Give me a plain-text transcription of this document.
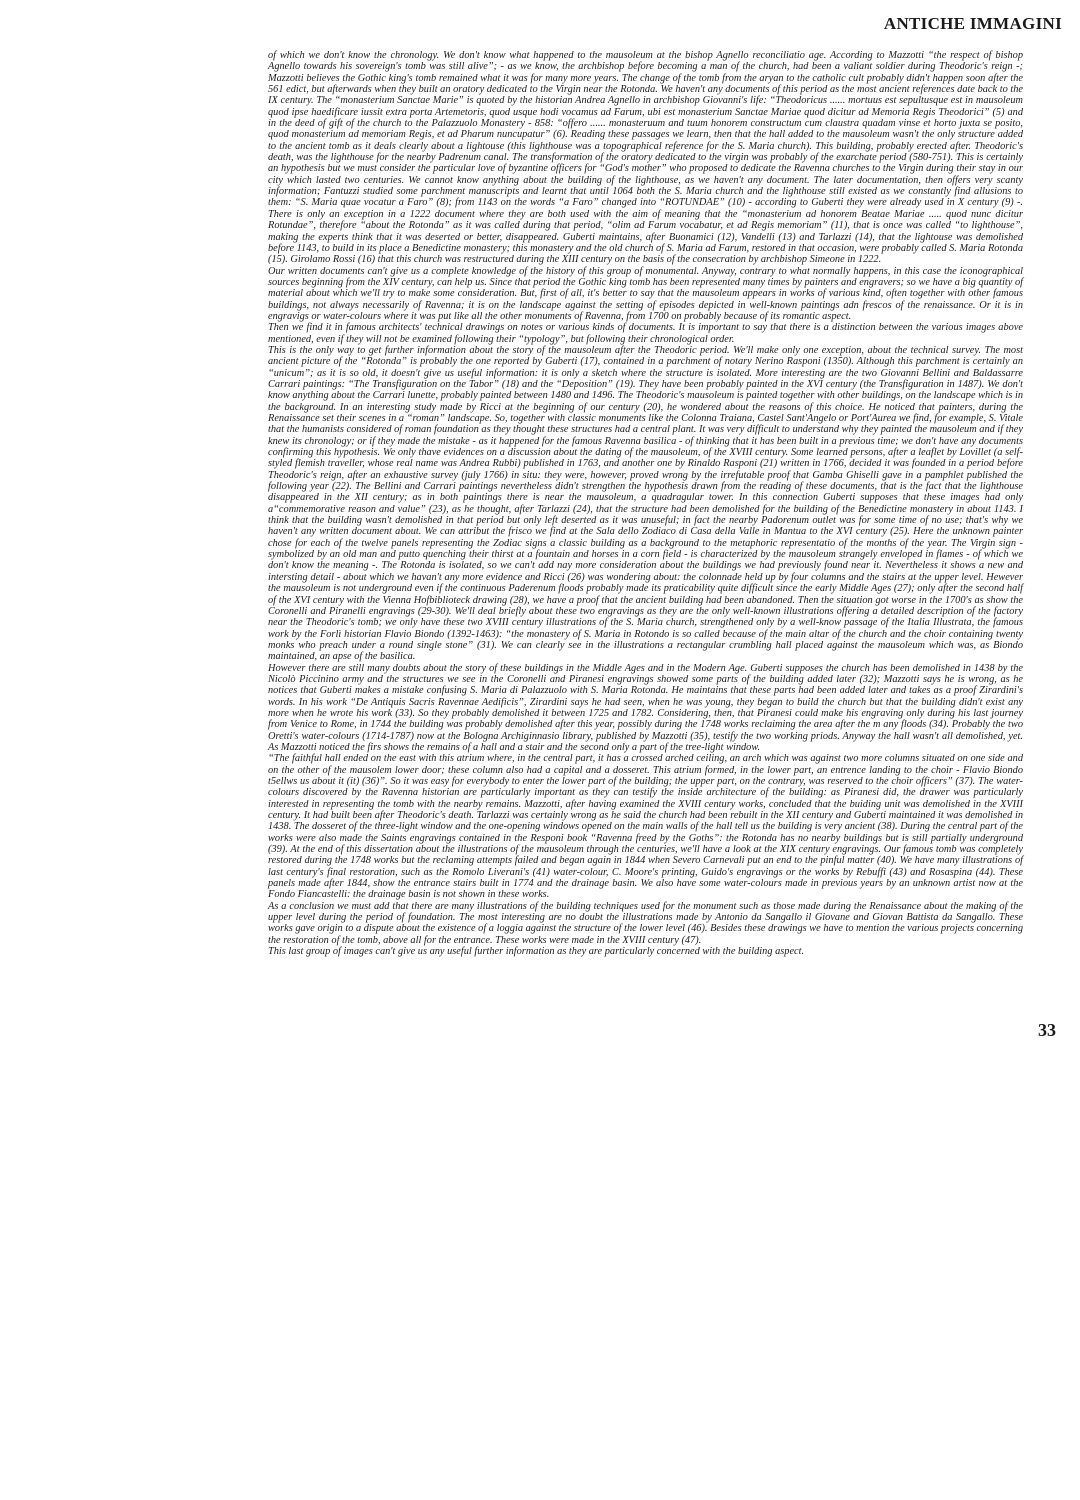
ANTICHE IMMAGINI

of which we don't know the chronology. We don't know what happened to the mausoleum at the bishop Agnello reconciliatio age. According to Mazzotti “the respect of bishop Agnello towards his sovereign's tomb was still alive”; - as we know, the archbishop before becoming a man of the church, had been a valiant soldier during Theodoric's reign -; Mazzotti believes the Gothic king's tomb remained what it was for many more years. The change of the tomb from the aryan to the catholic cult probably didn't happen soon after the 561 edict, but afterwards when they built an oratory dedicated to the Virgin near the Rotonda. We haven't any documents of this period as the most ancient references date back to the IX century. The “monasterium Sanctae Marie” is quoted by the historian Andrea Agnello in archbishop Giovanni's life: “Theodoricus ...... mortuus est sepultusque est in mausoleum quod ipse haedificare iussit extra porta Artemetoris, quod usque hodi vocamus ad Farum, ubi est monasterium Sanctae Mariae quod dicitur ad Memoria Regis Theodorici” (5) and in the deed of gift of the church to the Palazzuolo Monastery - 858: “offero ...... monasteruum and tuum honorem constructum cum claustra quadam vinse et horto juxta se posito, quod monasterium ad memoriam Regis, et ad Pharum nuncupatur” (6). Reading these passages we learn, then that the hall added to the mausoleum wasn't the only structure added to the ancient tomb as it deals clearly about a lightouse (this lighthouse was a topographical reference for the S. Maria church). This building, probably erected after. Theodoric's death, was the lighthouse for the nearby Padrenum canal. The transformation of the oratory dedicated to the virgin was probably of the exarchate period (580-751). This is certainly an hypothesis but we must consider the particular love of byzantine officers for “God's mother” who proposed to dedicate the Ravenna churches to the Virgin during their stay in our city which lasted two centuries. We cannot know anything about the building of the lighthouse, as we haven't any document. The later documentation, then offers very scanty information; Fantuzzi studied some parchment manuscripts and learnt that until 1064 both the S. Maria church and the lighthouse still existed as we constantly find allusions to them: “S. Maria quae vocatur a Faro” (8); from 1143 on the words “a Faro” changed into “ROTUNDAE” (10) - according to Guberti they were already used in X century (9) -. There is only an exception in a 1222 document where they are both used with the aim of meaning that the “monasterium ad honorem Beatae Mariae ..... quod nunc dicitur Rotundae”, therefore “about the Rotonda” as it was called during that period, “olim ad Farum vocabatur, et ad Regis memoriam” (11), that is once was called “to lighthouse”, making the experts think that it was deserted or better, disappeared. Guberti maintains, after Buonamici (12), Vandelli (13) and Tarlazzi (14), that the lightouse was demolished before 1143, to build in its place a Benedictine monastery; this monastery and the old church of S. Maria ad Farum, restored in that occasion, were probably called S. Maria Rotonda (15). Girolamo Rossi (16) that this church was restructured during the XIII century on the basis of the consecration by archbishop Simeone in 1222.

Our written documents can't give us a complete knowledge of the history of this group of monumental. Anyway, contrary to what normally happens, in this case the iconographical sources beginning from the XIV century, can help us. Since that period the Gothic king tomb has been represented many times by painters and engravers; so we have a big quantity of material about which we'll try to make some consideration. But, first of all, it's better to say that the mausoleum appears in works of various kind, often together with other famous buildings, not always necessarily of Ravenna; it is on the landscape against the setting of episodes depicted in well-known paintings adn frescos of the renaissance. Or it is in engravigs or water-colours where it was put like all the other monuments of Ravenna, from 1700 on probably because of its romantic aspect.

Then we find it in famous architects' technical drawings on notes or various kinds of documents. It is important to say that there is a distinction between the various images above mentioned, even if they will not be examined following their “typology”, but following their chronological order.

This is the only way to get further information about the story of the mausoleum after the Theodoric period. We'll make only one exception, about the technical survey. The most ancient picture of the “Rotonda” is probably the one reported by Guberti (17), contained in a parchment of notary Nerino Rasponi (1350). Although this parchment is certainly an “unicum”; as it is so old, it doesn't give us useful information: it is only a sketch where the structure is isolated. More interesting are the two Giovanni Bellini and Baldassarre Carrari paintings: “The Transfiguration on the Tabor” (18) and the “Deposition” (19). They have been probably painted in the XVI century (the Transfiguration in 1487). We don't know anything about the Carrari lunette, probably painted between 1480 and 1496. The Theodoric's mausoleum is painted together with other buildings, on the landscape which is in the background. In an interesting study made by Ricci at the beginning of our century (20), he wondered about the reasons of this choice. He noticed that painters, during the Renaissance set their scenes in a “roman” landscape. So, together with classic monuments like the Colonna Traiana, Castel Sant'Angelo or Port'Aurea we find, for example, S. Vitale that the humanists considered of roman foundation as they thought these structures had a central plant. It was very difficult to understand why they painted the mausoleum and if they knew its chronology; or if they made the mistake - as it happened for the famous Ravenna basilica - of thinking that it has been built in a previous time; we don't have any documents confirming this hypothesis. We only thave evidences on a discussion about the dating of the mausoleum, of the XVIII century. Some learned persons, after a leaflet by Lovillet (a self-styled flemish traveller, whose real name was Andrea Rubbi) published in 1763, and another one by Rinaldo Rasponi (21) written in 1766, decided it was founded in a period before Theodoric's reign, after an exhaustive survey (july 1766) in situ: they were, however, proved wrong by the irrefutable proof that Gamba Ghiselli gave in a pamphlet published the following year (22). The Bellini and Carrari paintings nevertheless didn't strengthen the hypothesis drawn from the reading of these documents, that is the fact that the lighthouse disappeared in the XII century; as in both paintings there is near the mausoleum, a quadragular tower. In this connection Guberti supposes that these images had only a“commemorative reason and value” (23), as he thought, after Tarlazzi (24), that the structure had been demolished for the building of the Benedictine monastery in about 1143. I think that the building wasn't demolished in that period but only left deserted as it was unuseful; in fact the nearby Padorenum outlet was for some time of no use; that's why we haven't any written document about. We can attribut the frisco we find at the Sala dello Zodiaco di Casa della Valle in Mantua to the XVI century (25). Here the unknown painter chose for each of the twelve panels representing the Zodiac signs a classic building as a background to the metaphoric representatio of the months of the year. The Virgin sign - symbolized by an old man and putto quenching their thirst at a fountain and horses in a corn field - is characterized by the mausoleum strangely enveloped in flames - of which we don't know the meaning -. The Rotonda is isolated, so we can't add nay more consideration about the buildings we had previously found near it. Nevertheless it shows a new and intersting detail - about which we havan't any more evidence and Ricci (26) was wondering about: the colonnade held up by four columns and the stairs at the upper level. Hewever the mausoleum is not underground even if the continuous Paderenum floods probably made its praticability quite difficult since the early Middle Ages (27); only after the second half of the XVI century with the Vienna Hofbiblioteck drawing (28), we have a proof that the ancient building had been abandoned. Then the situation got worse in the 1700's as show the Coronelli and Piranelli engravings (29-30). We'll deal briefly about these two engravings as they are the only well-known illustrations offering a detailed description of the factory near the Theodoric's tomb; we only have these two XVIII century illustrations of the S. Maria church, strengthened only by a well-know passage of the Italia Illustrata, the famous work by the Forlì historian Flavio Biondo (1392-1463): “the monastery of S. Maria in Rotondo is so called because of the main altar of the church and the choir containing twenty monks who preach under a round single stone” (31). We can clearly see in the illustrations a rectangular crumbling hall placed against the mausoleum which was, as Biondo maintained, an apse of the basilica.

However there are still many doubts about the story of these buildings in the Middle Ages and in the Modern Age. Guberti supposes the church has been demolished in 1438 by the Nicolò Piccinino army and the structures we see in the Coronelli and Piranesi engravings showed some parts of the building added later (32); Mazzotti says he is wrong, as he notices that Guberti makes a mistake confusing S. Maria di Palazzuolo with S. Maria Rotonda. He maintains that these parts had been added later and takes as a proof Zirardini's words. In his work “De Antiquis Sacris Ravennae Aedificis”, Zirardini says he had seen, when he was young, they began to build the church but that the building didn't exist any more when he wrote his work (33). So they probably demolished it between 1725 and 1782. Considering, then, that Piranesi could make his engraving only during his last journey from Venice to Rome, in 1744 the building was probably demolished after this year, possibly during the 1748 works reclaiming the area after the m any floods (34). Probably the two Oretti's water-colours (1714-1787) now at the Bologna Archiginnasio library, published by Mazzotti (35), testify the two working priods. Anyway the hall wasn't all demolished, yet. As Mazzotti noticed the firs shows the remains of a hall and a stair and the second only a part of the tree-light window.

“The faithful hall ended on the east with this atrium where, in the central part, it has a crossed arched ceiling, an arch which was against two more columns situated on one side and on the other of the mausolem lower door; these column also had a capital and a dosseret. This atrium formed, in the lower part, an entrence landing to the choir - Flavio Biondo t5ellws us about it (it) (36)”. So it was easy for everybody to enter the lower part of the building; the upper part, on the contrary, was reserved to the choir officers” (37). The water-colours discovered by the Ravenna historian are particularly important as they can testify the inside architecture of the building: as Piranesi did, the drawer was particularly interested in representing the tomb with the nearby remains. Mazzotti, after having examined the XVIII century works, concluded that the buiding unit was demolished in the XVIII century. It had built been after Theodoric's death. Tarlazzi was certainly wrong as he said the church had been rebuilt in the XII century and Guberti maintained it was demolished in 1438. The dosseret of the three-light window and the one-opening windows opened on the main walls of the hall tell us the building is very ancient (38). During the central part of the works were also made the Saints engravings contained in the Responi book “Ravenna freed by the Goths”: the Rotonda has no nearby buildings but is still partially underground (39). At the end of this dissertation about the illustrations of the mausoleum through the centuries, we'll have a look at the XIX century engravings. Our famous tomb was completely restored during the 1748 works but the reclaming attempts failed and began again in 1844 when Severo Carnevali put an end to the pinful matter (40). We have many illustrations of last century's final restoration, such as the Romolo Liverani's (41) water-colour, C. Moore's printing, Guido's engravings or the works by Rebuffi (43) and Rosaspina (44). These panels made after 1844, show the entrance stairs built in 1774 and the drainage basin. We also have some water-colours made in previous years by an unknown artist now at the Fondo Fiancastelli: the drainage basin is not shown in these works.

As a conclusion we must add that there are many illustrations of the building techniques used for the monument such as those made during the Renaissance about the making of the upper level during the period of foundation. The most interesting are no doubt the illustrations made by Antonio da Sangallo il Giovane and Giovan Battista da Sangallo. These works gave origin to a dispute about the existence of a loggia against the structure of the lower level (46). Besides these drawings we have to mention the various projects concerning the restoration of the tomb, above all for the entrance. These works were made in the XVIII century (47).

This last group of images can't give us any useful further information as they are particularly concerned with the building aspect.

33
